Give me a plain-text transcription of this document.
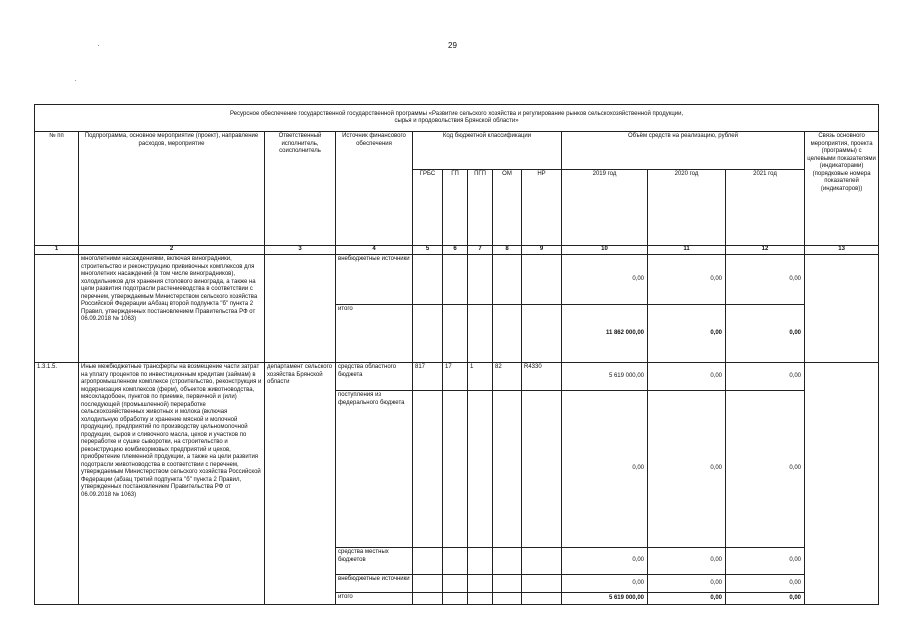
29
Ресурсное обеспечение государственной государственной программы «Развитие сельского хозяйства и регулирование рынков сельскохозяйственной продукции,
сырья и продовольствия Брянской области»												

№ пп	Подпрограмма, основное мероприятие (проект), направление расходов, мероприятие	Ответственный исполнитель, соисполнитель	Источник финансового обеспечения	Код бюджетной классификации					Объём средств на реализацию, рублей			Связь основного мероприятия, проекта (программы) с целевыми показателями (индикаторами) (порядковые номера показателей (индикаторов))
				ГРБС	ГП	ПГП	ОМ	НР	2019 год	2020 год	2021 год	
1	2	3	4	5	6	7	8	9	10	11	12	13
	многолетними насаждениями, включая виноградники, строительство и реконструкцию прививочных комплексов для многолетних насаждений (в том числе виноградников), холодильников для хранения столового винограда, а также на цели развития подотрасли растениеводства в соответствии с перечнем, утверждаемым Министерством сельского хозяйства Российской Федерации аАбзац второй подпункта "б" пункта 2 Правил, утвержденных постановлением Правительства РФ от 06.09.2018 № 1063)		внебюджетные источники						0,00	0,00	0,00	
			итого						11 862 000,00	0,00	0,00	
1.3.1.5.	Иные межбюджетные трансферты на возмещение части затрат на уплату процентов по инвестиционным кредитам (займам) в агропромышленном комплексе (строительство, реконструкция и модернизация комплексов (ферм), объектов животноводства, мясохладобоен, пунктов по приемке, первичной и (или) последующей (промышленной) переработке сельскохозяйственных животных и молока (включая холодильную обработку и хранение мясной и молочной продукции), предприятий по производству цельномолочной продукции, сыров и сливочного масла, цехов и участков по переработке и сушке сыворотки, на строительство и реконструкцию комбикормовых предприятий и цехов, приобретение племенной продукции, а также на цели развития подотрасли животноводства в соответствии с перечнем, утверждаемым Министерством сельского хозяйства Российской Федерации (абзац третий подпункта "б" пункта 2 Правил, утвержденных постановлением Правительства РФ от 06.09.2018 № 1063)	департамент сельского хозяйства Брянской области	средства областного бюджета	817	17	1	82	R4330	5 619 000,00	0,00	0,00	
			поступления из федерального бюджета						0,00	0,00	0,00	
			средства местных бюджетов						0,00	0,00	0,00	
			внебюджетные источники						0,00	0,00	0,00	
			итого						5 619 000,00	0,00	0,00	
